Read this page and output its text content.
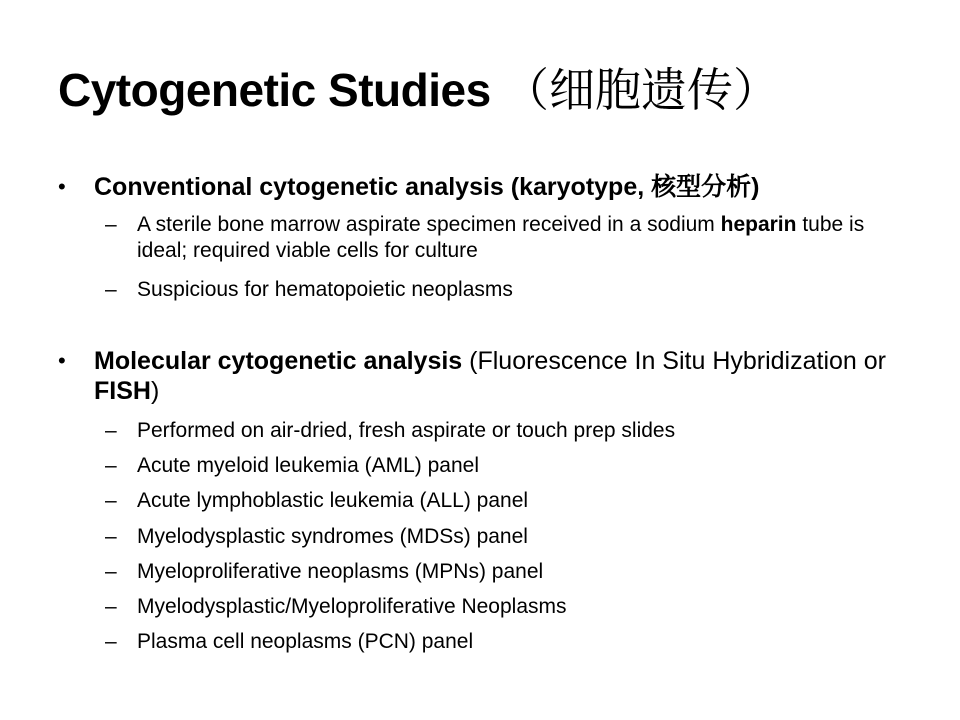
Cytogenetic Studies （细胞遗传）
• Conventional cytogenetic analysis (karyotype, 核型分析)
– A sterile bone marrow aspirate specimen received in a sodium heparin tube is ideal; required viable cells for culture
– Suspicious for hematopoietic neoplasms
• Molecular cytogenetic analysis (Fluorescence In Situ Hybridization or FISH)
– Performed on air-dried, fresh aspirate or touch prep slides
– Acute myeloid leukemia (AML) panel
– Acute lymphoblastic leukemia (ALL) panel
– Myelodysplastic syndromes (MDSs) panel
– Myeloproliferative neoplasms (MPNs) panel
– Myelodysplastic/Myeloproliferative Neoplasms
– Plasma cell neoplasms (PCN) panel
